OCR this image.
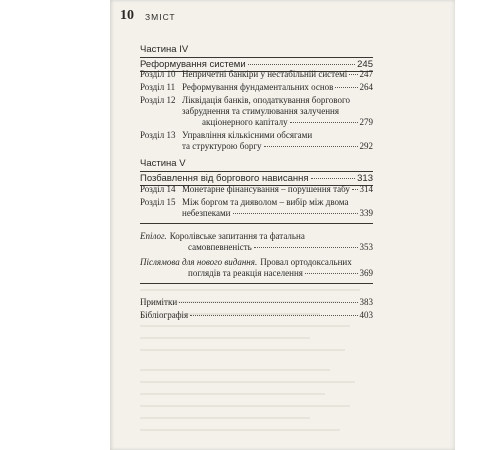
10 ЗМІСТ
Частина IV
Реформування системи	245
Розділ 10 Непричетні банкіри у нестабільній системі 247
Розділ 11 Реформування фундаментальних основ	264
Розділ 12 Ліквідація банків, оподаткування боргового
забруднення та стимулювання залучення
акціонерного капіталу	279
Розділ 13 Управління кількісними обсягами
та структурою боргу	292
Частина V
Позбавлення від боргового нависання	313
Розділ 14 Монетарне фінансування – порушення табу 314
Розділ 15 Між боргом та дияволом – вибір між двома
небезпеками	339
Епілог. Королівське запитання та фатальна
самовпевненість	353
Післямова для нового видання. Провал ортодоксальних
поглядів та реакція населення	369
Примітки	383
Бібліографія	403
